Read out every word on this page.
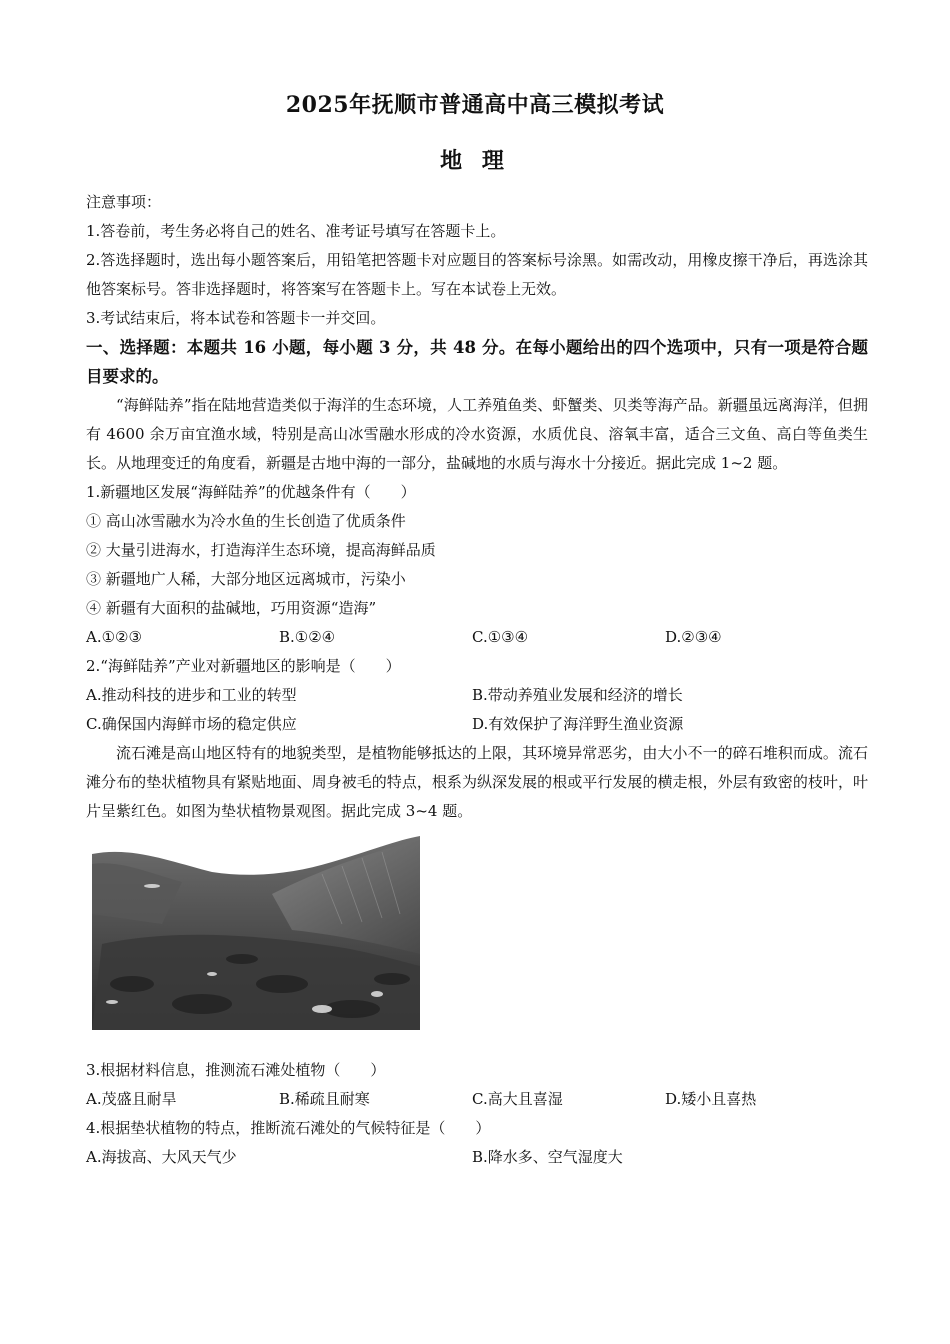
2025年抚顺市普通高中高三模拟考试
地 理
注意事项：
1.答卷前，考生务必将自己的姓名、准考证号填写在答题卡上。
2.答选择题时，选出每小题答案后，用铅笔把答题卡对应题目的答案标号涂黑。如需改动，用橡皮擦干净后，再选涂其他答案标号。答非选择题时，将答案写在答题卡上。写在本试卷上无效。
3.考试结束后，将本试卷和答题卡一并交回。
一、选择题：本题共 16 小题，每小题 3 分，共 48 分。在每小题给出的四个选项中，只有一项是符合题目要求的。
“海鲜陆养”指在陆地营造类似于海洋的生态环境，人工养殖鱼类、虾蟹类、贝类等海产品。新疆虽远离海洋，但拥有 4600 余万亩宜渔水域，特别是高山冰雪融水形成的冷水资源，水质优良、溶氧丰富，适合三文鱼、高白等鱼类生长。从地理变迁的角度看，新疆是古地中海的一部分，盐碱地的水质与海水十分接近。据此完成 1~2 题。
1.新疆地区发展“海鲜陆养”的优越条件有（　　）
① 高山冰雪融水为冷水鱼的生长创造了优质条件
② 大量引进海水，打造海洋生态环境，提高海鲜品质
③ 新疆地广人稀，大部分地区远离城市，污染小
④ 新疆有大面积的盐碱地，巧用资源“造海”
A.①②③	B.①②④	C.①③④	D.②③④
2.“海鲜陆养”产业对新疆地区的影响是（　　）
A.推动科技的进步和工业的转型	B.带动养殖业发展和经济的增长
C.确保国内海鲜市场的稳定供应	D.有效保护了海洋野生渔业资源
流石滩是高山地区特有的地貌类型，是植物能够抵达的上限，其环境异常恶劣，由大小不一的碎石堆积而成。流石滩分布的垫状植物具有紧贴地面、周身被毛的特点，根系为纵深发展的根或平行发展的横走根，外层有致密的枝叶，叶片呈紫红色。如图为垫状植物景观图。据此完成 3~4 题。
3.根据材料信息，推测流石滩处植物（　　）
A.茂盛且耐旱	B.稀疏且耐寒	C.高大且喜湿	D.矮小且喜热
4.根据垫状植物的特点，推断流石滩处的气候特征是（　　）
A.海拔高、大风天气少	B.降水多、空气湿度大
